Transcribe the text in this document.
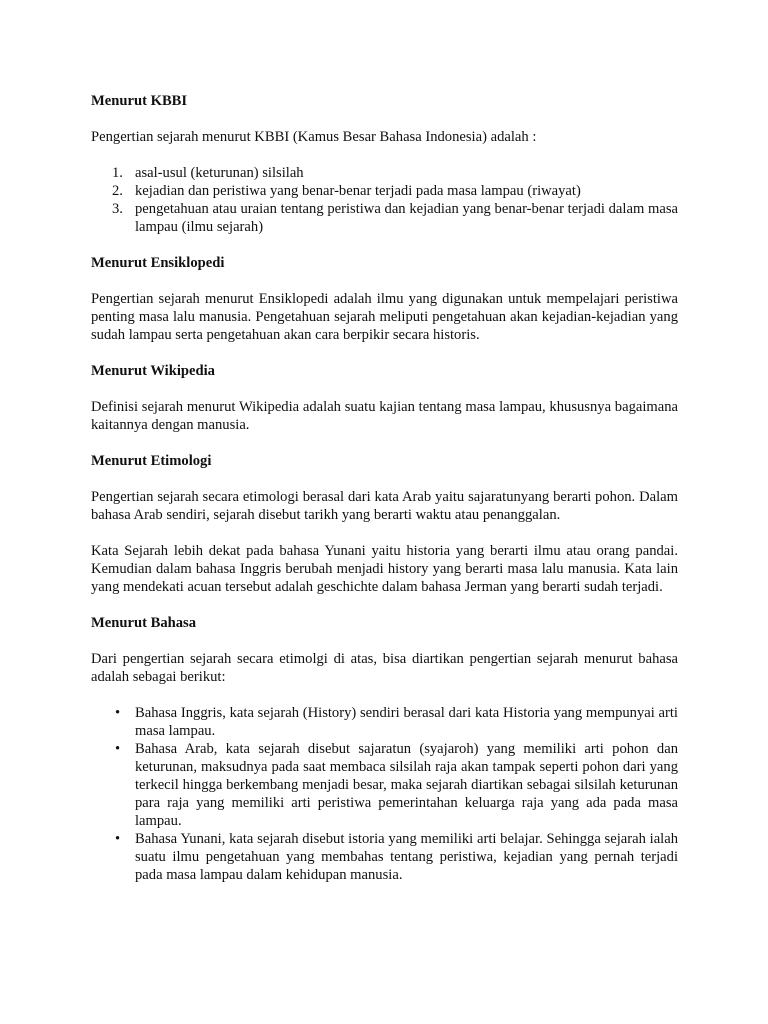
Menurut KBBI

Pengertian sejarah menurut KBBI (Kamus Besar Bahasa Indonesia) adalah :

1. asal-usul (keturunan) silsilah
2. kejadian dan peristiwa yang benar-benar terjadi pada masa lampau (riwayat)
3. pengetahuan atau uraian tentang peristiwa dan kejadian yang benar-benar terjadi dalam masa lampau (ilmu sejarah)

Menurut Ensiklopedi

Pengertian sejarah menurut Ensiklopedi adalah ilmu yang digunakan untuk mempelajari peristiwa penting masa lalu manusia. Pengetahuan sejarah meliputi pengetahuan akan kejadian-kejadian yang sudah lampau serta pengetahuan akan cara berpikir secara historis.

Menurut Wikipedia

Definisi sejarah menurut Wikipedia adalah suatu kajian tentang masa lampau, khususnya bagaimana kaitannya dengan manusia.

Menurut Etimologi

Pengertian sejarah secara etimologi berasal dari kata Arab yaitu sajaratunyang berarti pohon. Dalam bahasa Arab sendiri, sejarah disebut tarikh yang berarti waktu atau penanggalan.

Kata Sejarah lebih dekat pada bahasa Yunani yaitu historia yang berarti ilmu atau orang pandai. Kemudian dalam bahasa Inggris berubah menjadi history yang berarti masa lalu manusia. Kata lain yang mendekati acuan tersebut adalah geschichte dalam bahasa Jerman yang berarti sudah terjadi.

Menurut Bahasa

Dari pengertian sejarah secara etimolgi di atas, bisa diartikan pengertian sejarah menurut bahasa adalah sebagai berikut:

• Bahasa Inggris, kata sejarah (History) sendiri berasal dari kata Historia yang mempunyai arti masa lampau.
• Bahasa Arab, kata sejarah disebut sajaratun (syajaroh) yang memiliki arti pohon dan keturunan, maksudnya pada saat membaca silsilah raja akan tampak seperti pohon dari yang terkecil hingga berkembang menjadi besar, maka sejarah diartikan sebagai silsilah keturunan para raja yang memiliki arti peristiwa pemerintahan keluarga raja yang ada pada masa lampau.
• Bahasa Yunani, kata sejarah disebut istoria yang memiliki arti belajar. Sehingga sejarah ialah suatu ilmu pengetahuan yang membahas tentang peristiwa, kejadian yang pernah terjadi pada masa lampau dalam kehidupan manusia.
